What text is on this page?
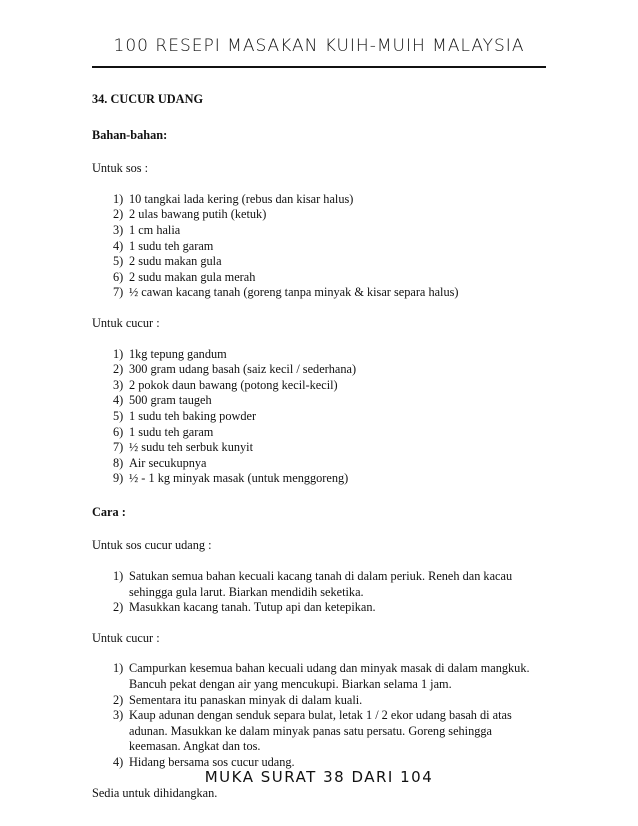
100 RESEPI MASAKAN KUIH-MUIH MALAYSIA
34. CUCUR UDANG
Bahan-bahan:
Untuk sos :
1) 10 tangkai lada kering (rebus dan kisar halus)
2) 2 ulas bawang putih (ketuk)
3) 1 cm halia
4) 1 sudu teh garam
5) 2 sudu makan gula
6) 2 sudu makan gula merah
7) ½ cawan kacang tanah (goreng tanpa minyak & kisar separa halus)
Untuk cucur :
1) 1kg tepung gandum
2) 300 gram udang basah (saiz kecil / sederhana)
3) 2 pokok daun bawang (potong kecil-kecil)
4) 500 gram taugeh
5) 1 sudu teh baking powder
6) 1 sudu teh garam
7) ½ sudu teh serbuk kunyit
8) Air secukupnya
9) ½ - 1 kg minyak masak (untuk menggoreng)
Cara :
Untuk sos cucur udang :
1) Satukan semua bahan kecuali kacang tanah di dalam periuk. Reneh dan kacau sehingga gula larut. Biarkan mendidih seketika.
2) Masukkan kacang tanah. Tutup api dan ketepikan.
Untuk cucur :
1) Campurkan kesemua bahan kecuali udang dan minyak masak di dalam mangkuk. Bancuh pekat dengan air yang mencukupi. Biarkan selama 1 jam.
2) Sementara itu panaskan minyak di dalam kuali.
3) Kaup adunan dengan senduk separa bulat, letak 1 / 2 ekor udang basah di atas adunan. Masukkan ke dalam minyak panas satu persatu. Goreng sehingga keemasan. Angkat dan tos.
4) Hidang bersama sos cucur udang.
Sedia untuk dihidangkan.
MUKA SURAT 38 DARI 104
